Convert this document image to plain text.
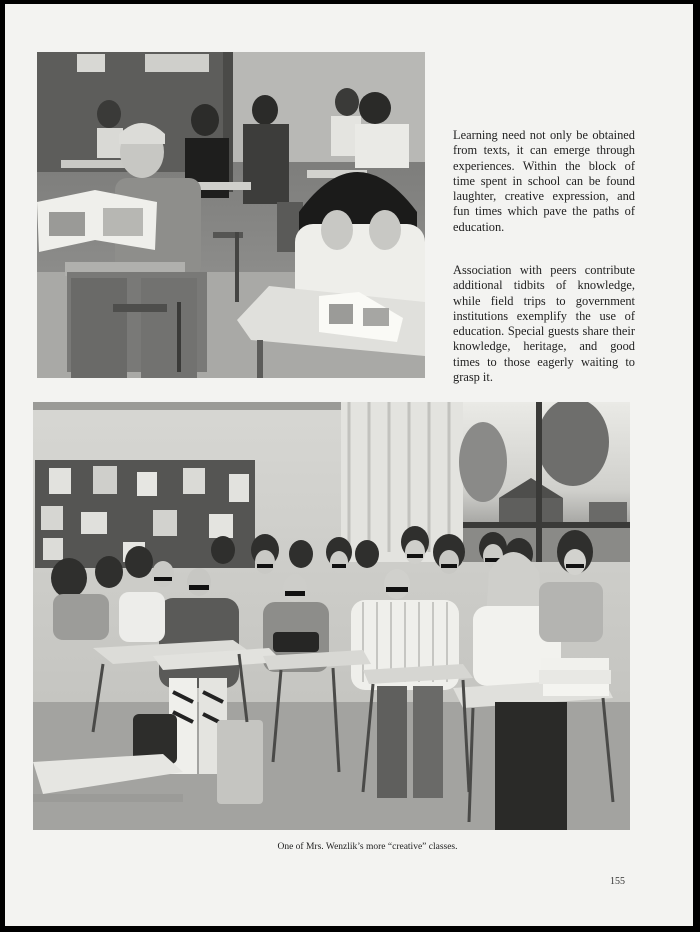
Learning need not only be obtained from texts, it can emerge through experiences. Within the block of time spent in school can be found laughter, creative expression, and fun times which pave the paths of education.

Association with peers contribute additional tidbits of knowledge, while field trips to government institutions exemplify the use of education. Special guests share their knowledge, heritage, and good times to those eagerly waiting to grasp it.

One of Mrs. Wenzlik’s more “creative” classes.

155
